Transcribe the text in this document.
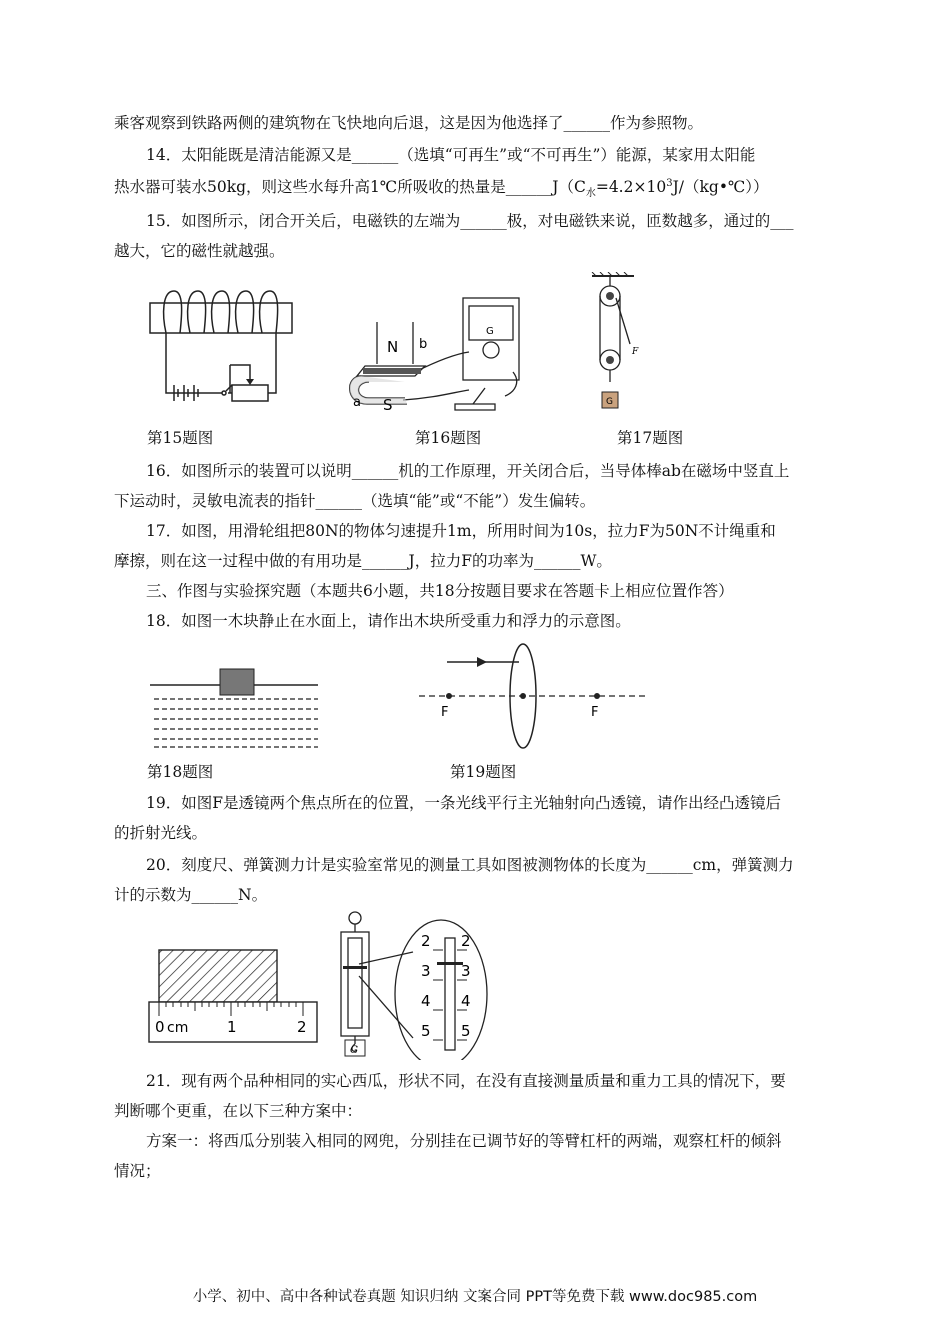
乘客观察到铁路两侧的建筑物在飞快地向后退，这是因为他选择了______作为参照物。

14．太阳能既是清洁能源又是______（选填“可再生”或“不可再生”）能源，某家用太阳能

热水器可装水50kg，则这些水每升高1℃所吸收的热量是$\_\_\_\_\_\_J(C_水=4.2\times 10^3J/(kg•℃))$

15．如图所示，闭合开关后，电磁铁的左端为______极，对电磁铁来说，匝数越多，通过的___

越大，它的磁性就越强。

N
S
a
b
G
F
G
第15题图	第16题图	第17题图

16．如图所示的装置可以说明______机的工作原理，开关闭合后，当导体棒ab在磁场中竖直上

下运动时，灵敏电流表的指针______（选填“能”或“不能”）发生偏转。

17．如图，用滑轮组把80N的物体匀速提升1m，所用时间为10s，拉力F为50N不计绳重和

摩擦，则在这一过程中做的有用功是______J，拉力F的功率为______W。

三、作图与实验探究题（本题共6小题，共18分按题目要求在答题卡上相应位置作答）

18．如图一木块静止在水面上，请作出木块所受重力和浮力的示意图。

F	F
第18题图	第19题图

19．如图F是透镜两个焦点所在的位置，一条光线平行主光轴射向凸透镜，请作出经凸透镜后

的折射光线。

20．刻度尺、弹簧测力计是实验室常见的测量工具如图被测物体的长度为______cm，弹簧测力

计的示数为______N。

0 cm	1	2
2
3
4
5
2
3
4
5
G

21．现有两个品种相同的实心西瓜，形状不同，在没有直接测量质量和重力工具的情况下，要

判断哪个更重，在以下三种方案中：

方案一：将西瓜分别装入相同的网兜，分别挂在已调节好的等臂杠杆的两端，观察杠杆的倾斜

情况；

小学、初中、高中各种试卷真题 知识归纳 文案合同 PPT等免费下载 www.doc985.com
